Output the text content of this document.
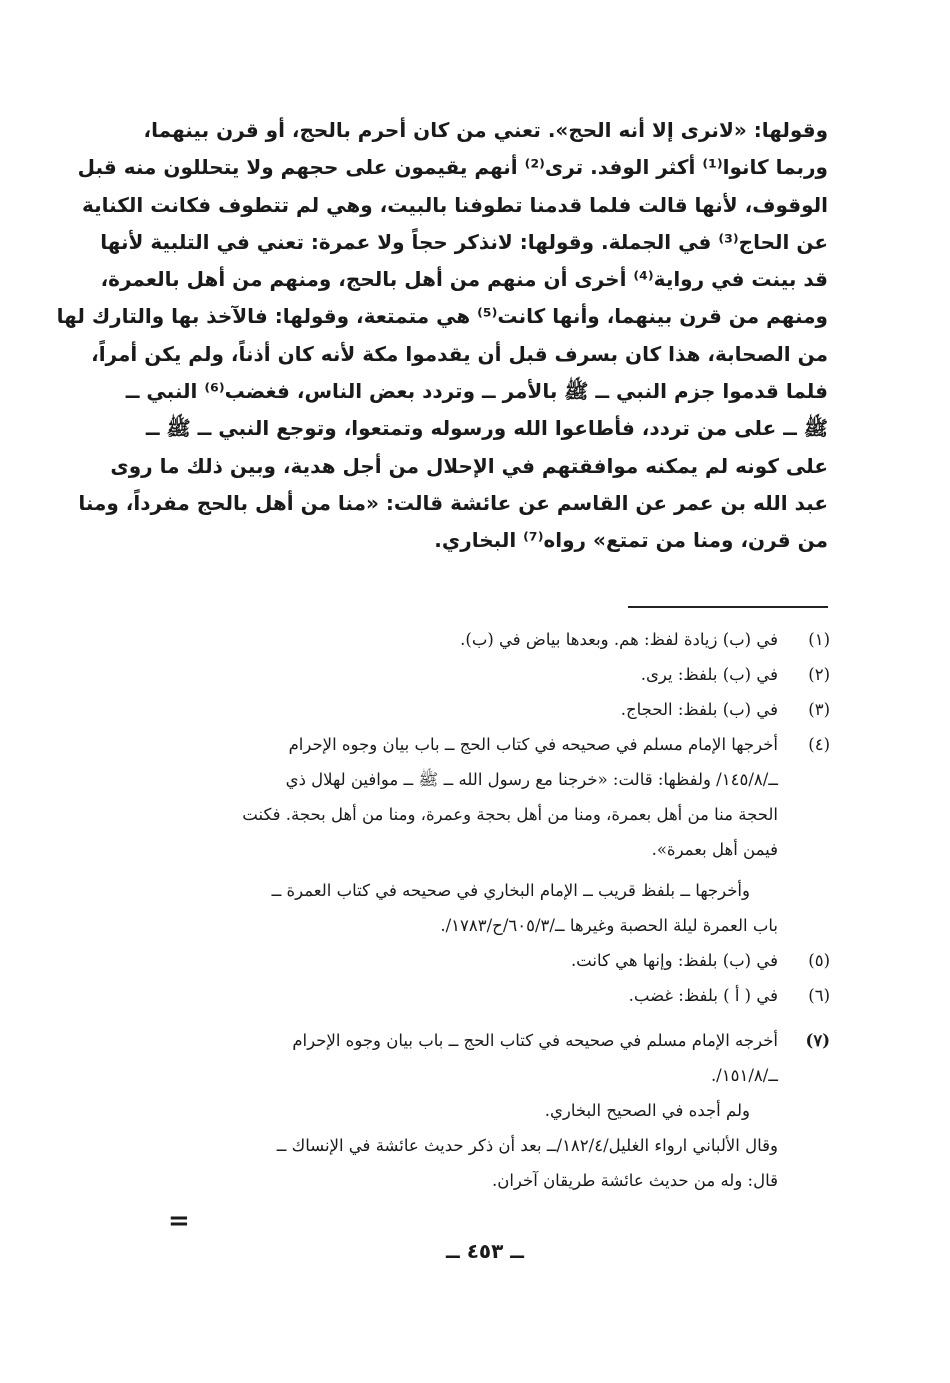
وقولها: «لانرى إلا أنه الحج». تعني من كان أحرم بالحج، أو قرن بينهما،
وربما كانوا⁽¹⁾ أكثر الوفد. ترى⁽²⁾ أنهم يقيمون على حجهم ولا يتحللون منه قبل
الوقوف، لأنها قالت فلما قدمنا تطوفنا بالبيت، وهي لم تتطوف فكانت الكناية
عن الحاج⁽³⁾ في الجملة. وقولها: لانذكر حجاً ولا عمرة: تعني في التلبية لأنها
قد بينت في رواية⁽⁴⁾ أخرى أن منهم من أهل بالحج، ومنهم من أهل بالعمرة،
ومنهم من قرن بينهما، وأنها كانت⁽⁵⁾ هي متمتعة، وقولها: فالآخذ بها والتارك لها
من الصحابة، هذا كان بسرف قبل أن يقدموا مكة لأنه كان أذناً، ولم يكن أمراً،
فلما قدموا جزم النبي ــ ﷺ بالأمر ــ وتردد بعض الناس، فغضب⁽⁶⁾ النبي ــ
ﷺ ــ على من تردد، فأطاعوا الله ورسوله وتمتعوا، وتوجع النبي ــ ﷺ ــ
على كونه لم يمكنه موافقتهم في الإحلال من أجل هدية، وبين ذلك ما روى
عبد الله بن عمر عن القاسم عن عائشة قالت: «منا من أهل بالحج مفرداً، ومنا
من قرن، ومنا من تمتع» رواه⁽⁷⁾ البخاري.
(١)
في (ب) زيادة لفظ: هم. وبعدها بياض في (ب).
(٢)
في (ب) بلفظ: يرى.
(٣)
في (ب) بلفظ: الحجاج.
(٤)
أخرجها الإمام مسلم في صحيحه في كتاب الحج ــ باب بيان وجوه الإحرام
ــ/١٤٥/٨/ ولفظها: قالت: «خرجنا مع رسول الله ــ ﷺ ــ موافين لهلال ذي
الحجة منا من أهل بعمرة، ومنا من أهل بحجة وعمرة، ومنا من أهل بحجة. فكنت
فيمن أهل بعمرة».
وأخرجها ــ بلفظ قريب ــ الإمام البخاري في صحيحه في كتاب العمرة ــ
باب العمرة ليلة الحصبة وغيرها ــ/٦٠٥/٣/ح/١٧٨٣/.
(٥)
في (ب) بلفظ: وإنها هي كانت.
(٦)
في ( أ ) بلفظ: غضب.
(٧)
أخرجه الإمام مسلم في صحيحه في كتاب الحج ــ باب بيان وجوه الإحرام
ــ/١٥١/٨/.
ولم أجده في الصحيح البخاري.
وقال الألباني ارواء الغليل/١٨٢/٤/ــ بعد أن ذكر حديث عائشة في الإنساك ــ
قال: وله من حديث عائشة طريقان آخران.
=
ــ ٤٥٣ ــ
